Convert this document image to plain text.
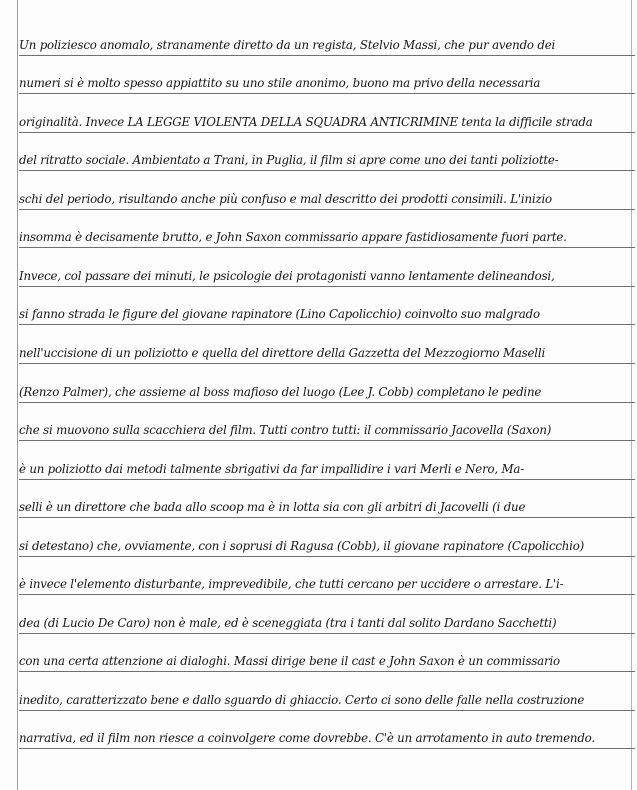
Un poliziesco anomalo, stranamente diretto da un regista, Stelvio Massi, che pur avendo dei
numeri si è molto spesso appiattito su uno stile anonimo, buono ma privo della necessaria
originalità. Invece LA LEGGE VIOLENTA DELLA SQUADRA ANTICRIMINE tenta la difficile strada
del ritratto sociale. Ambientato a Trani, in Puglia, il film si apre come uno dei tanti poliziotte-
schi del periodo, risultando anche più confuso e mal descritto dei prodotti consimili. L'inizio
insomma è decisamente brutto, e John Saxon commissario appare fastidiosamente fuori parte.
Invece, col passare dei minuti, le psicologie dei protagonisti vanno lentamente delineandosi,
si fanno strada le figure del giovane rapinatore (Lino Capolicchio) coinvolto suo malgrado
nell'uccisione di un poliziotto e quella del direttore della Gazzetta del Mezzogiorno Maselli
(Renzo Palmer), che assieme al boss mafioso del luogo (Lee J. Cobb) completano le pedine
che si muovono sulla scacchiera del film. Tutti contro tutti: il commissario Jacovella (Saxon)
è un poliziotto dai metodi talmente sbrigativi da far impallidire i vari Merli e Nero, Ma-
selli è un direttore che bada allo scoop ma è in lotta sia con gli arbitri di Jacovelli (i due
si detestano) che, ovviamente, con i soprusi di Ragusa (Cobb), il giovane rapinatore (Capolicchio)
è invece l'elemento disturbante, imprevedibile, che tutti cercano per uccidere o arrestare. L'i-
dea (di Lucio De Caro) non è male, ed è sceneggiata (tra i tanti dal solito Dardano Sacchetti)
con una certa attenzione ai dialoghi. Massi dirige bene il cast e John Saxon è un commissario
inedito, caratterizzato bene e dallo sguardo di ghiaccio. Certo ci sono delle falle nella costruzione
narrativa, ed il film non riesce a coinvolgere come dovrebbe. C'è un arrotamento in auto tremendo.
